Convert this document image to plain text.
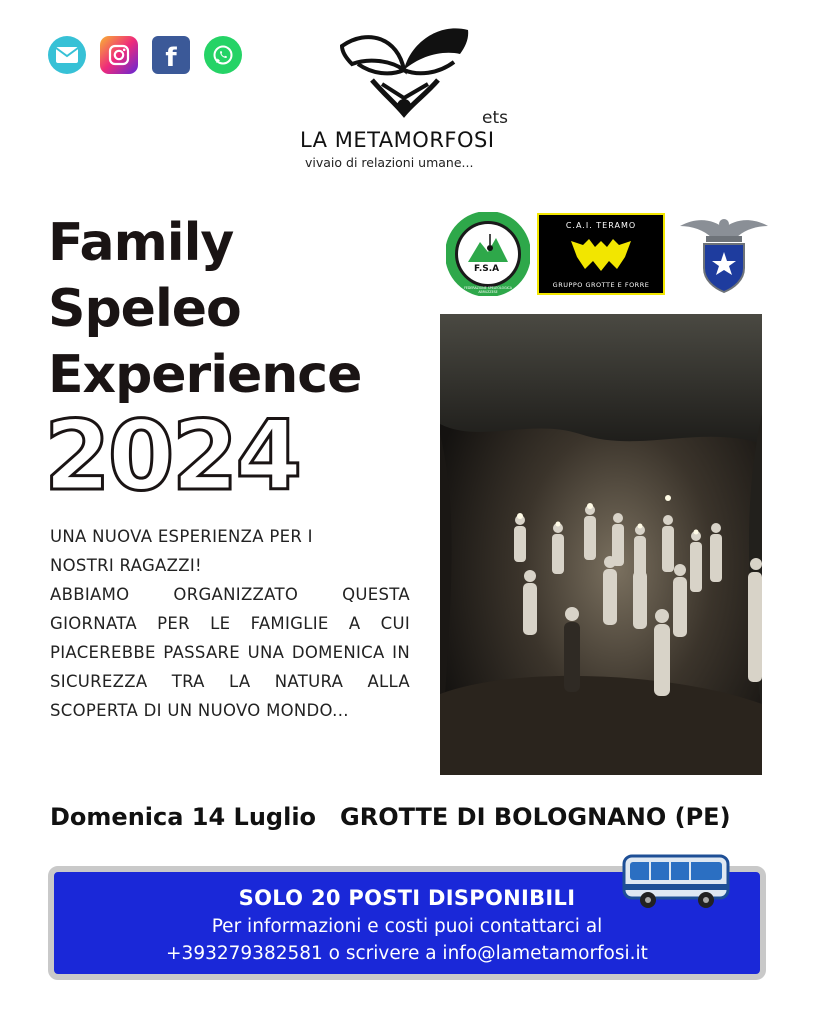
f
ets
LA METAMORFOSI
vivaio di relazioni umane...
Family
Speleo
Experience
2024

UNA NUOVA ESPERIENZA PER I NOSTRI RAGAZZI!

ABBIAMO ORGANIZZATO QUESTA GIORNATA PER LE FAMIGLIE A CUI PIACEREBBE PASSARE UNA DOMENICA IN SICUREZZA TRA LA NATURA ALLA SCOPERTA DI UN NUOVO MONDO...

F.S.A
FEDERAZIONE SPELEOLOGICA ABRUZZESE
C.A.I. TERAMO
GRUPPO GROTTE E FORRE
Domenica 14 Luglio GROTTE DI BOLOGNANO (PE)
SOLO 20 POSTI DISPONIBILI
Per informazioni e costi puoi contattarci al
+393279382581 o scrivere a info@lametamorfosi.it
